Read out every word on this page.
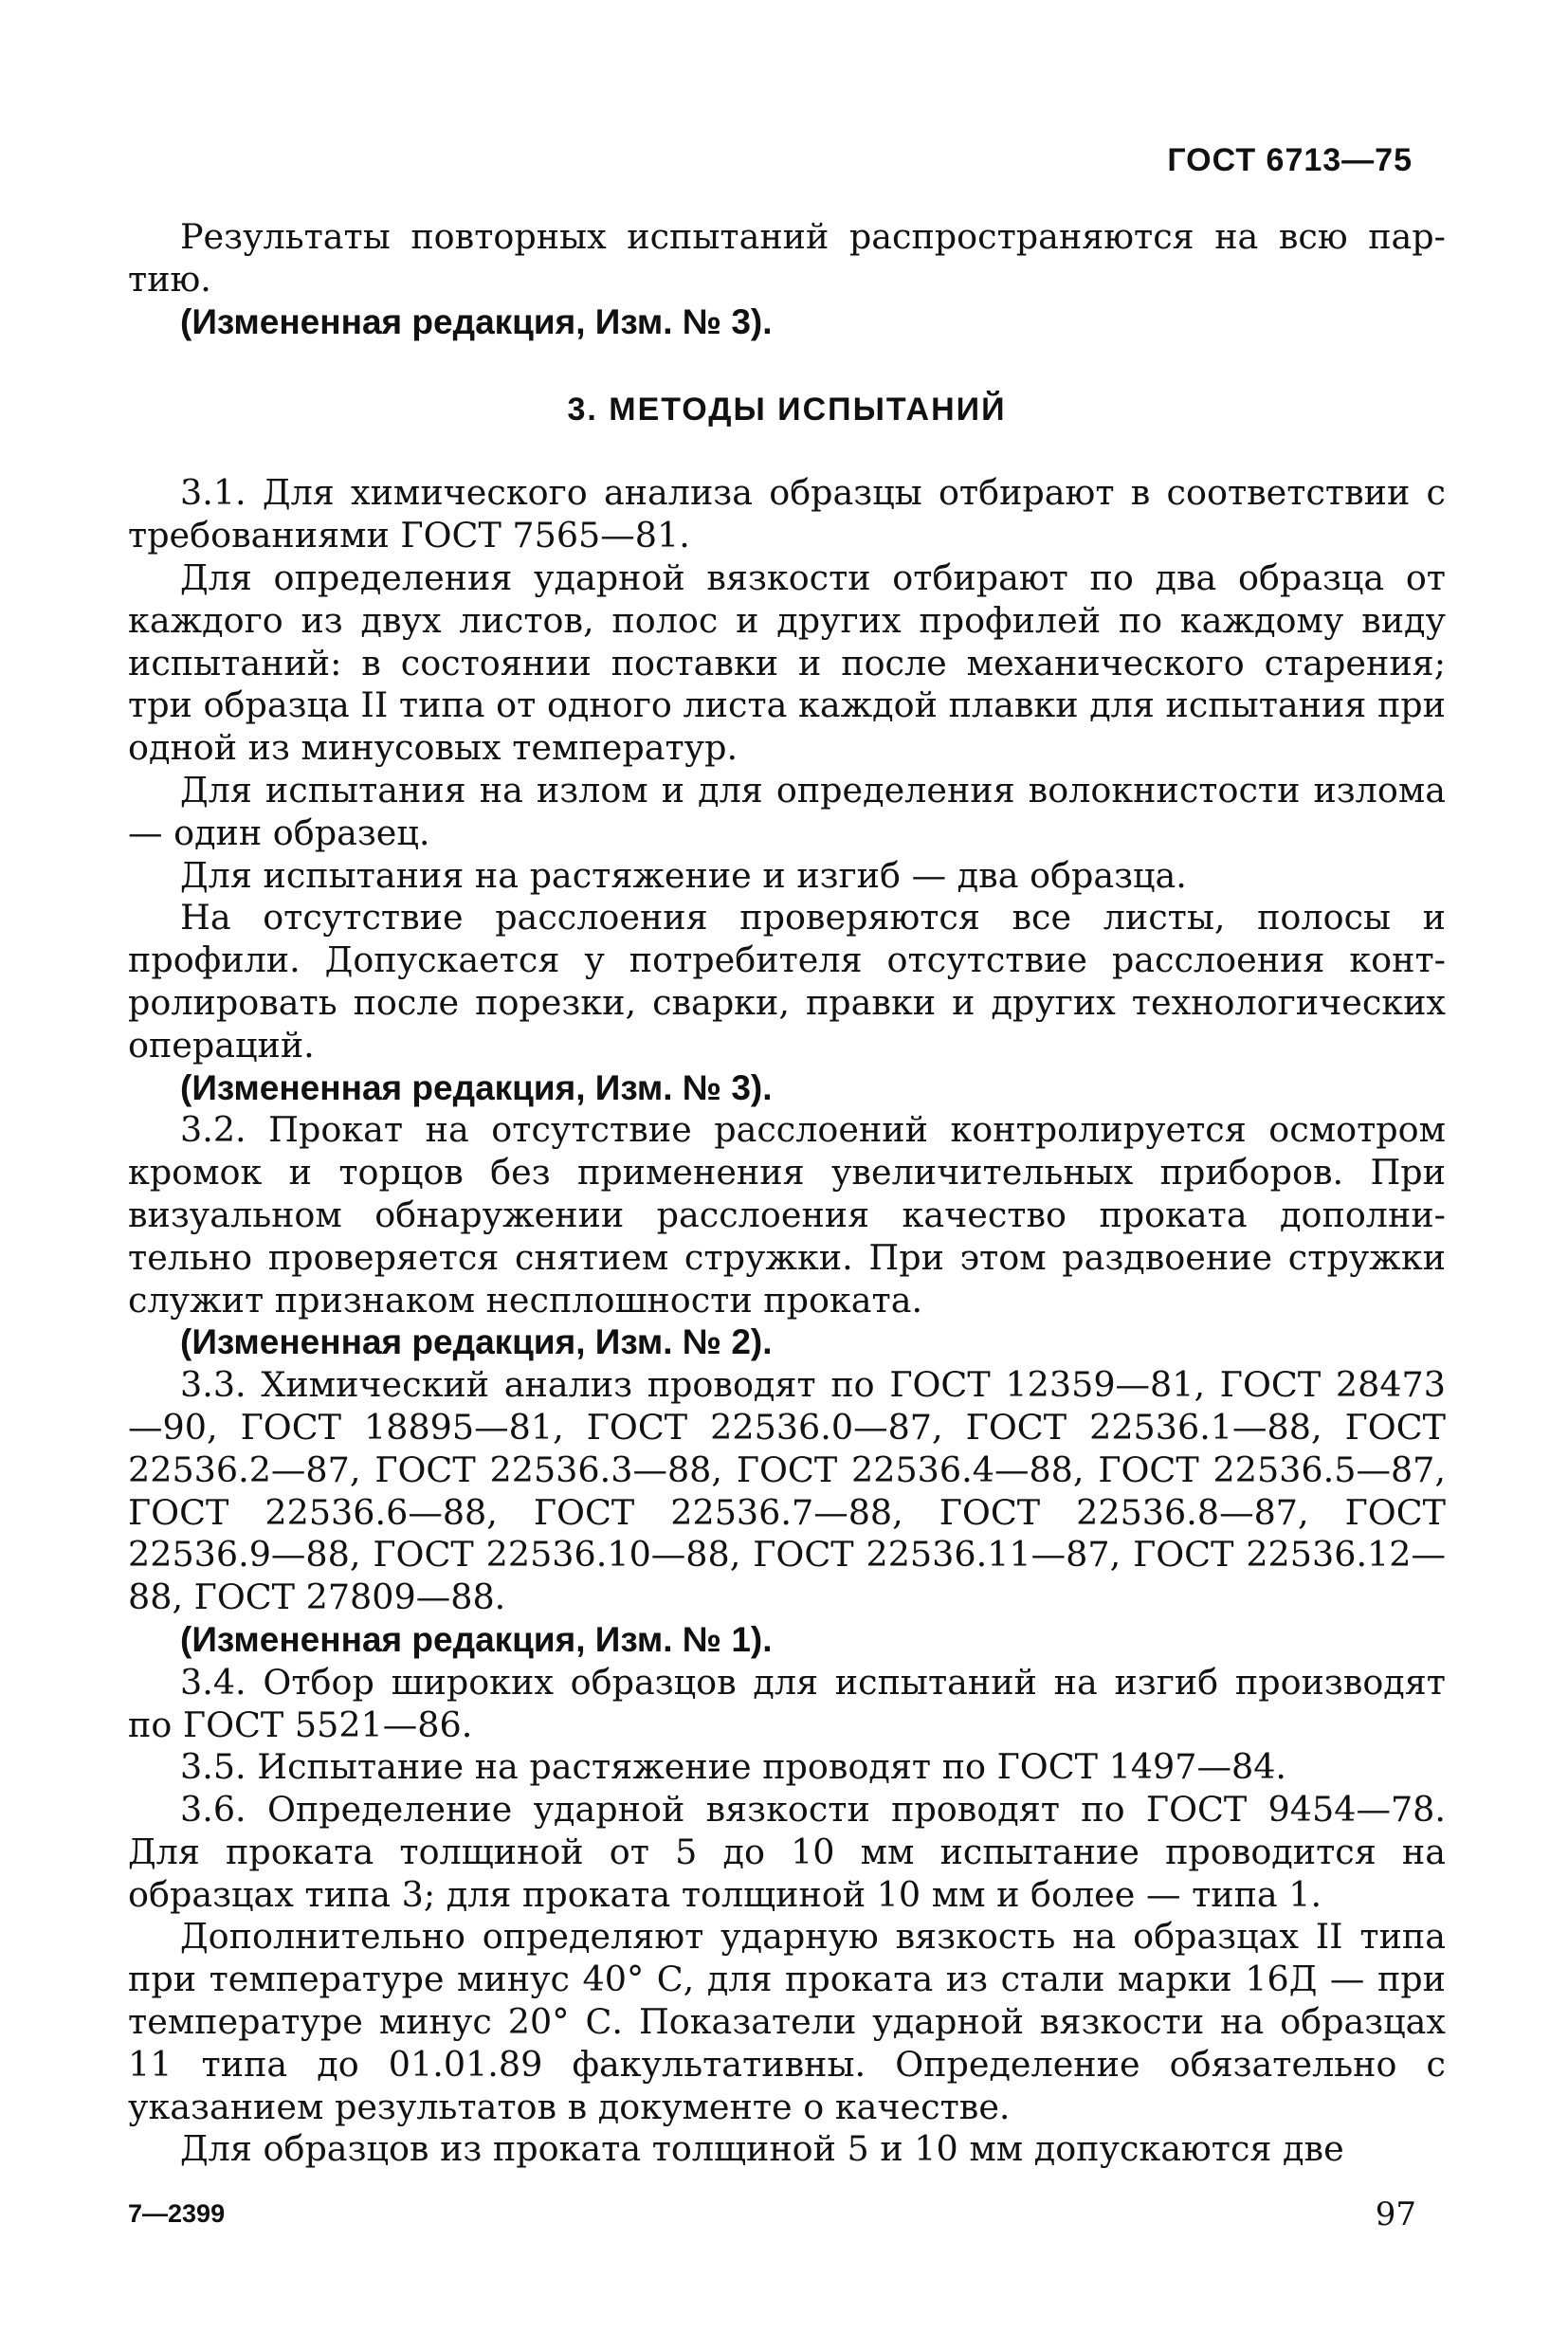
ГОСТ 6713—75

Результаты повторных испытаний распространяются на всю партию.

(Измененная редакция, Изм. № 3).

3. МЕТОДЫ ИСПЫТАНИЙ

3.1. Для химического анализа образцы отбирают в соответствии с требованиями ГОСТ 7565—81.

Для определения ударной вязкости отбирают по два образца от каждого из двух листов, полос и других профилей по каждому виду испытаний: в состоянии поставки и после механического старения; три образца II типа от одного листа каждой плавки для испытания при одной из минусовых температур.

Для испытания на излом и для определения волокнистости излома — один образец.

Для испытания на растяжение и изгиб — два образца.

На отсутствие расслоения проверяются все листы, полосы и профили. Допускается у потребителя отсутствие расслоения контролировать после порезки, сварки, правки и других технологических операций.

(Измененная редакция, Изм. № 3).

3.2. Прокат на отсутствие расслоений контролируется осмотром кромок и торцов без применения увеличительных приборов. При визуальном обнаружении расслоения качество проката дополнительно проверяется снятием стружки. При этом раздвоение стружки служит признаком несплошности проката.

(Измененная редакция, Изм. № 2).

3.3. Химический анализ проводят по ГОСТ 12359—81, ГОСТ 28473—90, ГОСТ 18895—81, ГОСТ 22536.0—87, ГОСТ 22536.1—88, ГОСТ 22536.2—87, ГОСТ 22536.3—88, ГОСТ 22536.4—88, ГОСТ 22536.5—87, ГОСТ 22536.6—88, ГОСТ 22536.7—88, ГОСТ 22536.8—87, ГОСТ 22536.9—88, ГОСТ 22536.10—88, ГОСТ 22536.11—87, ГОСТ 22536.12—88, ГОСТ 27809—88.

(Измененная редакция, Изм. № 1).

3.4. Отбор широких образцов для испытаний на изгиб производят по ГОСТ 5521—86.

3.5. Испытание на растяжение проводят по ГОСТ 1497—84.

3.6. Определение ударной вязкости проводят по ГОСТ 9454—78. Для проката толщиной от 5 до 10 мм испытание проводится на образцах типа 3; для проката толщиной 10 мм и более — типа 1.

Дополнительно определяют ударную вязкость на образцах II типа при температуре минус 40° С, для проката из стали марки 16Д — при температуре минус 20° С. Показатели ударной вязкости на образцах 11 типа до 01.01.89 факультативны. Определение обязательно с указанием результатов в документе о качестве.

Для образцов из проката толщиной 5 и 10 мм допускаются две

7—2399	97
